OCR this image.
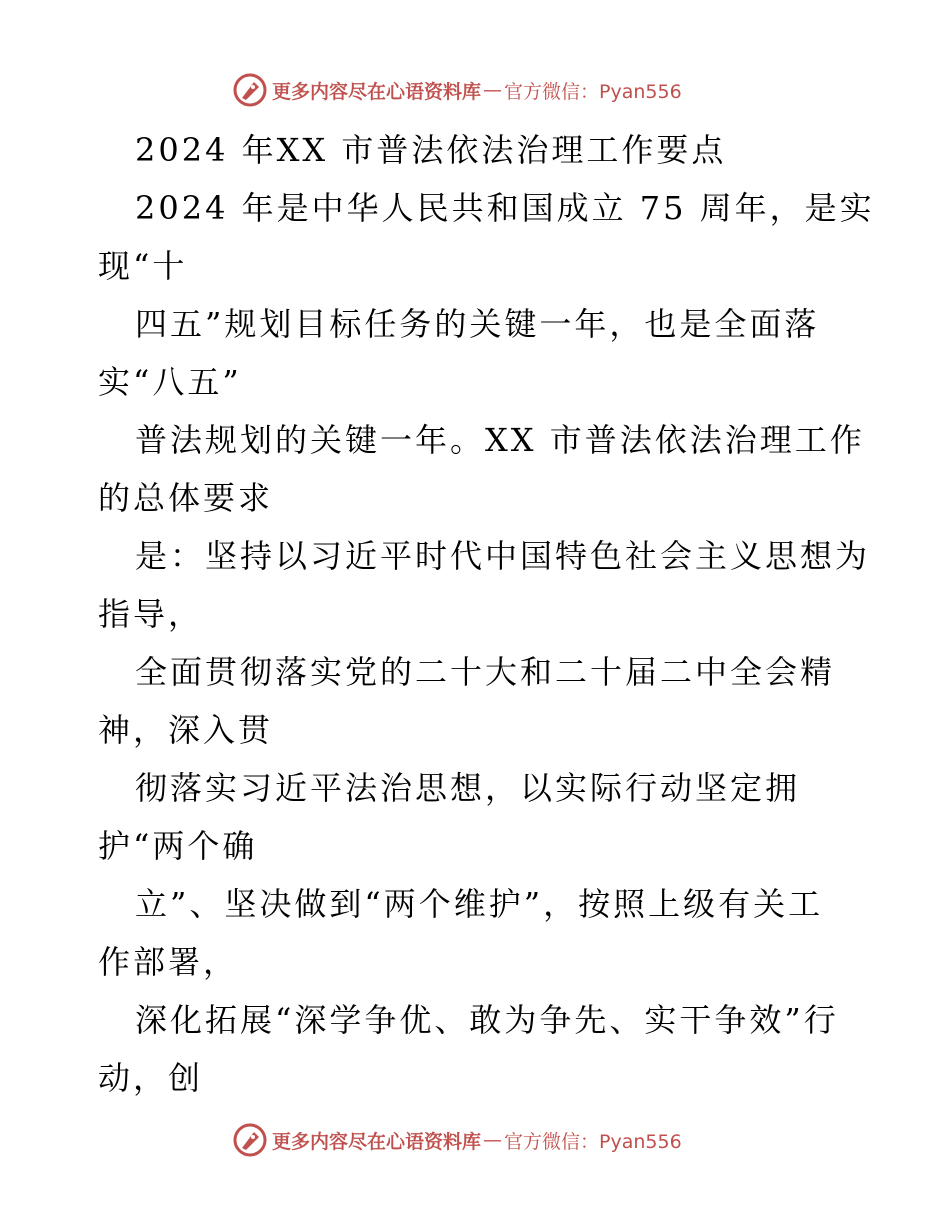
更多内容尽在心语资料库 — 官方微信：Pyan556
2024 年XX 市普法依法治理工作要点
2024 年是中华人民共和国成立 75 周年，是实
现“十
四五”规划目标任务的关键一年，也是全面落
实“八五”
普法规划的关键一年。XX 市普法依法治理工作
的总体要求
是：坚持以习近平时代中国特色社会主义思想为
指导，
全面贯彻落实党的二十大和二十届二中全会精
神，深入贯
彻落实习近平法治思想，以实际行动坚定拥
护“两个确
立”、坚决做到“两个维护”，按照上级有关工
作部署，
深化拓展“深学争优、敢为争先、实干争效”行
动，创
更多内容尽在心语资料库 — 官方微信：Pyan556
